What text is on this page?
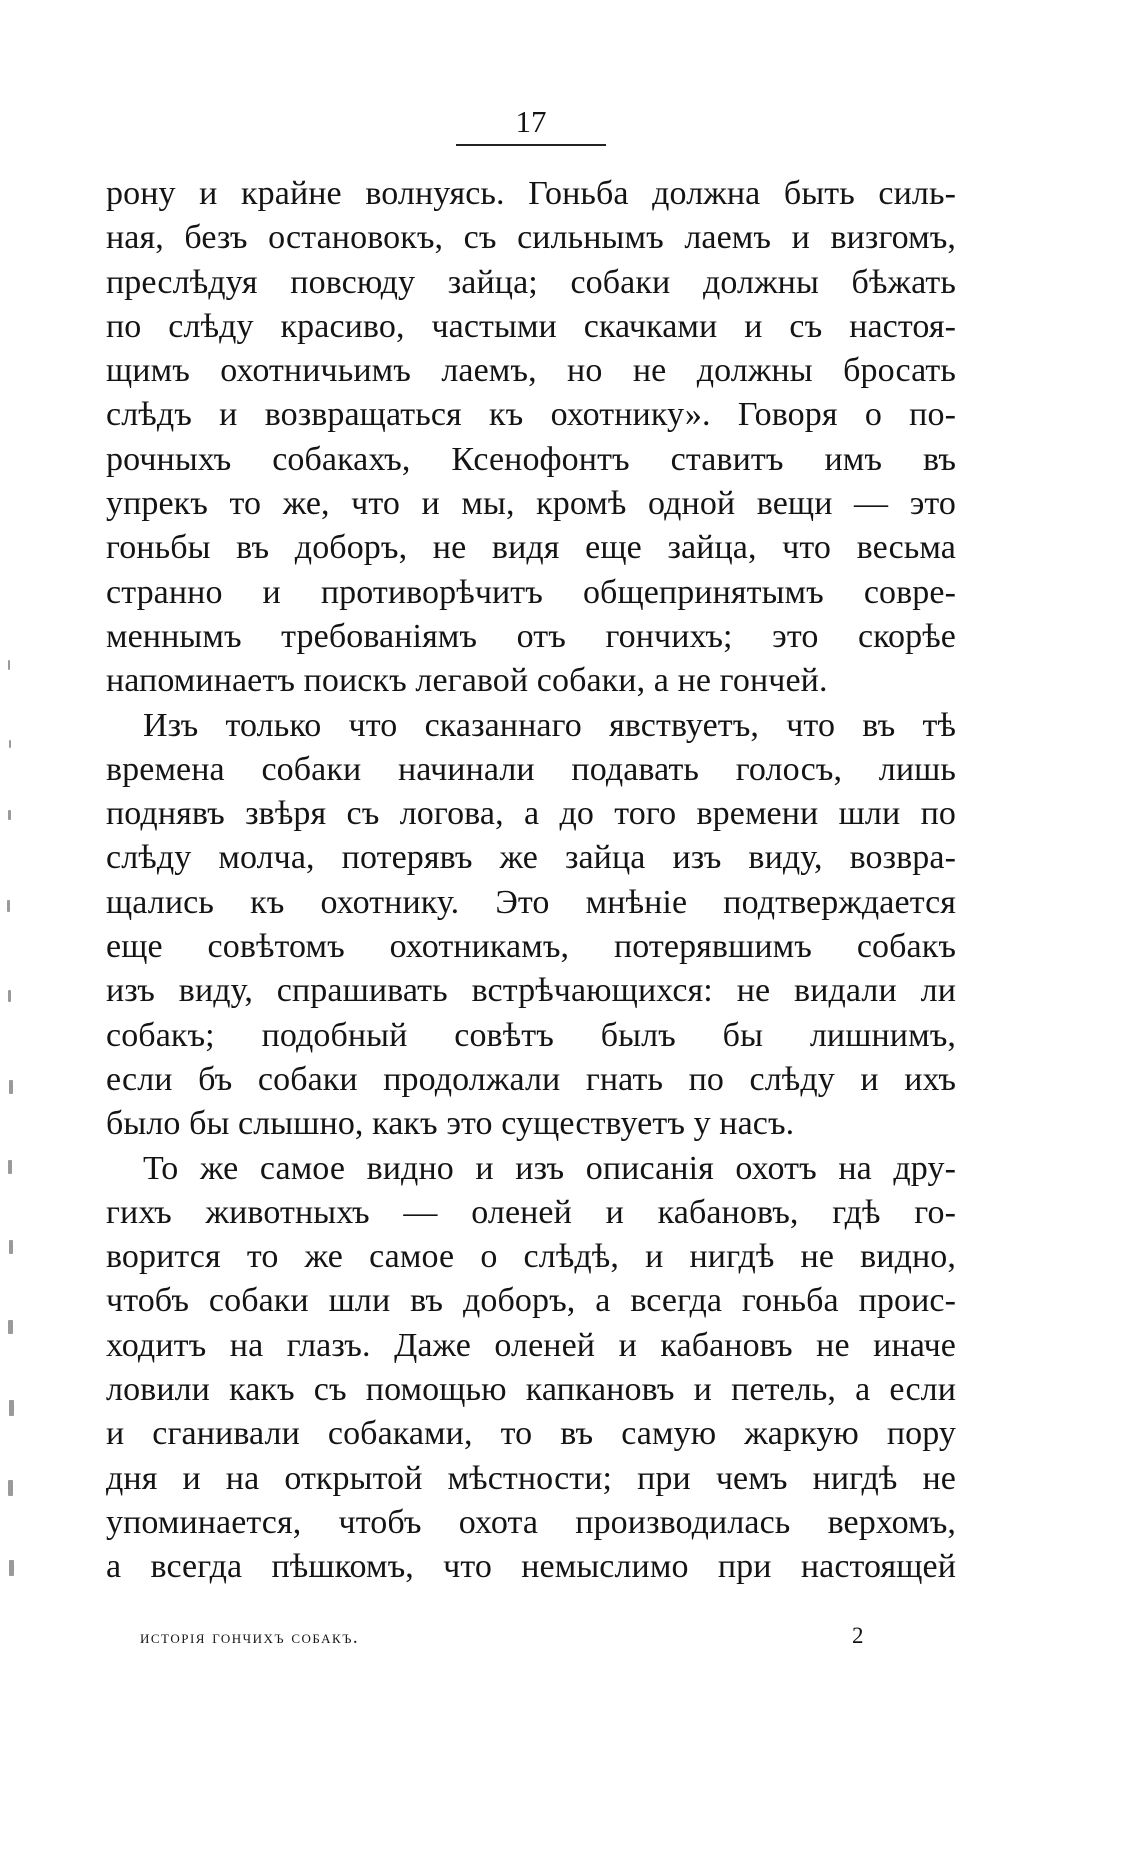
17
рону и крайне волнуясь. Гоньба должна быть силь-
ная, безъ остановокъ, съ сильнымъ лаемъ и визгомъ,
преслѣдуя повсюду зайца; собаки должны бѣжать
по слѣду красиво, частыми скачками и съ настоя-
щимъ охотничьимъ лаемъ, но не должны бросать
слѣдъ и возвращаться къ охотнику». Говоря о по-
рочныхъ собакахъ, Ксенофонтъ ставитъ имъ въ
упрекъ то же, что и мы, кромѣ одной вещи — это
гоньбы въ доборъ, не видя еще зайца, что весьма
странно и противорѣчитъ общепринятымъ совре-
меннымъ требованiямъ отъ гончихъ; это скорѣе
напоминаетъ поискъ легавой собаки, а не гончей.
Изъ только что сказаннаго явствуетъ, что въ тѣ
времена собаки начинали подавать голосъ, лишь
поднявъ звѣря съ логова, а до того времени шли по
слѣду молча, потерявъ же зайца изъ виду, возвра-
щались къ охотнику. Это мнѣнiе подтверждается
еще совѣтомъ охотникамъ, потерявшимъ собакъ
изъ виду, спрашивать встрѣчающихся: не видали ли
собакъ; подобный совѣтъ былъ бы лишнимъ,
если бъ собаки продолжали гнать по слѣду и ихъ
было бы слышно, какъ это существуетъ у насъ.
То же самое видно и изъ описанiя охотъ на дру-
гихъ животныхъ — оленей и кабановъ, гдѣ го-
ворится то же самое о слѣдѣ, и нигдѣ не видно,
чтобъ собаки шли въ доборъ, а всегда гоньба проис-
ходитъ на глазъ. Даже оленей и кабановъ не иначе
ловили какъ съ помощью капкановъ и петель, а если
и сганивали собаками, то въ самую жаркую пору
дня и на открытой мѣстности; при чемъ нигдѣ не
упоминается, чтобъ охота производилась верхомъ,
а всегда пѣшкомъ, что немыслимо при настоящей
исторiя гончихъ собакъ.	2
